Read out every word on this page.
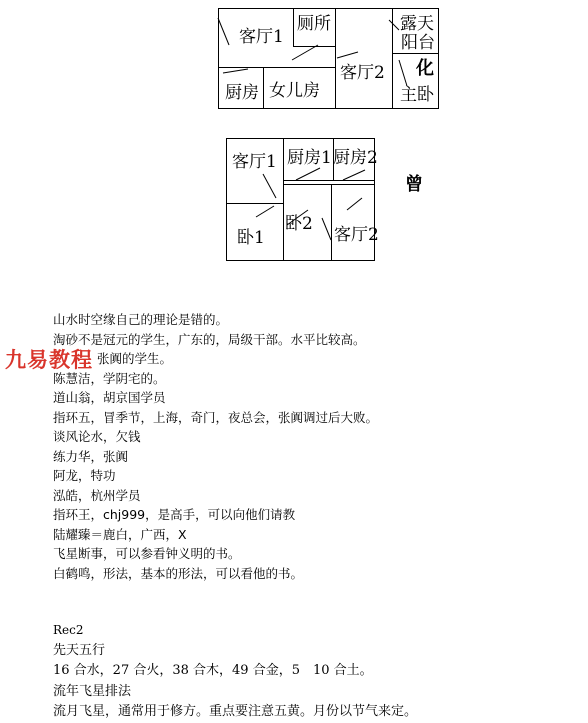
客厅1
厕所	露天
阳台
厨房 女儿房
客厅2
主卧
化
客厅1 厨房1 厨房2
卧1
卧2
客厅2
曾
山水时空缘自己的理论是错的。
淘砂不是冠元的学生，广东的，局级干部。水平比较高。
张阗的学生。
陈慧洁，学阴宅的。
道山翁，胡京国学员
指环五，冒季节，上海，奇门，夜总会，张阗调过后大败。
谈风论水，欠钱
练力华，张阗
阿龙，特功
泓皓，杭州学员
指环王，chj999，是高手，可以向他们请教
陆耀臻＝鹿白，广西，X
飞星断事，可以参看钟义明的书。
白鹤鸣，形法，基本的形法，可以看他的书。
九易教程
Rec2
先天五行
16 合水，27 合火，38 合木，49 合金，5　10 合土。
流年飞星排法
流月飞星，通常用于修方。重点要注意五黄。月份以节气来定。
